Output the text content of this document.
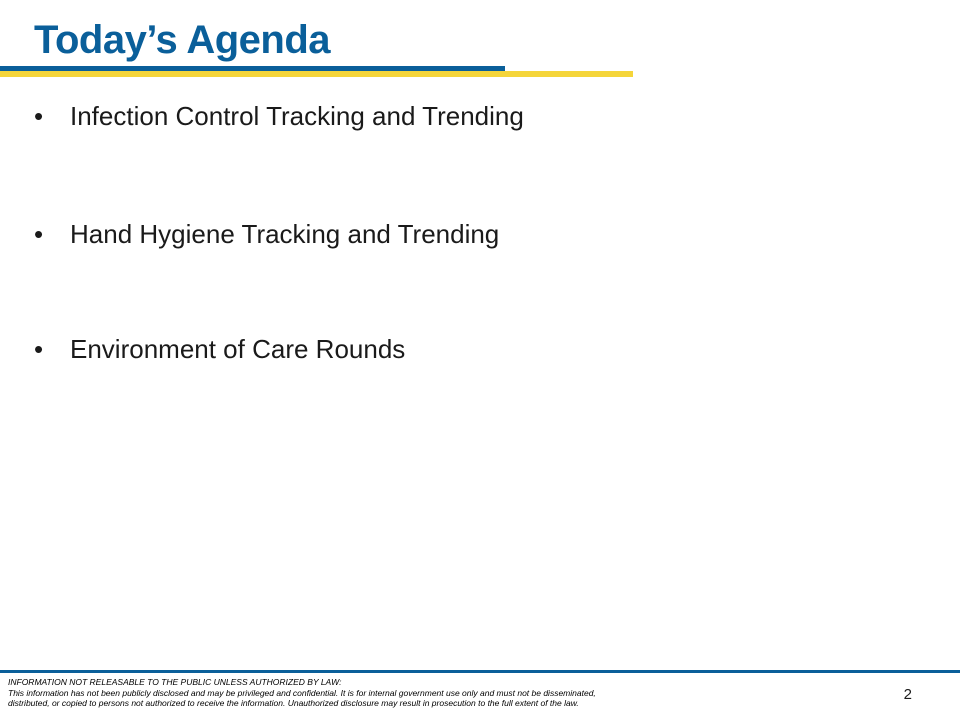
Today’s Agenda
• Infection Control Tracking and Trending
• Hand Hygiene Tracking and Trending
• Environment of Care Rounds
INFORMATION NOT RELEASABLE TO THE PUBLIC UNLESS AUTHORIZED BY LAW:
This information has not been publicly disclosed and may be privileged and confidential. It is for internal government use only and must not be disseminated,
distributed, or copied to persons not authorized to receive the information. Unauthorized disclosure may result in prosecution to the full extent of the law.	2
